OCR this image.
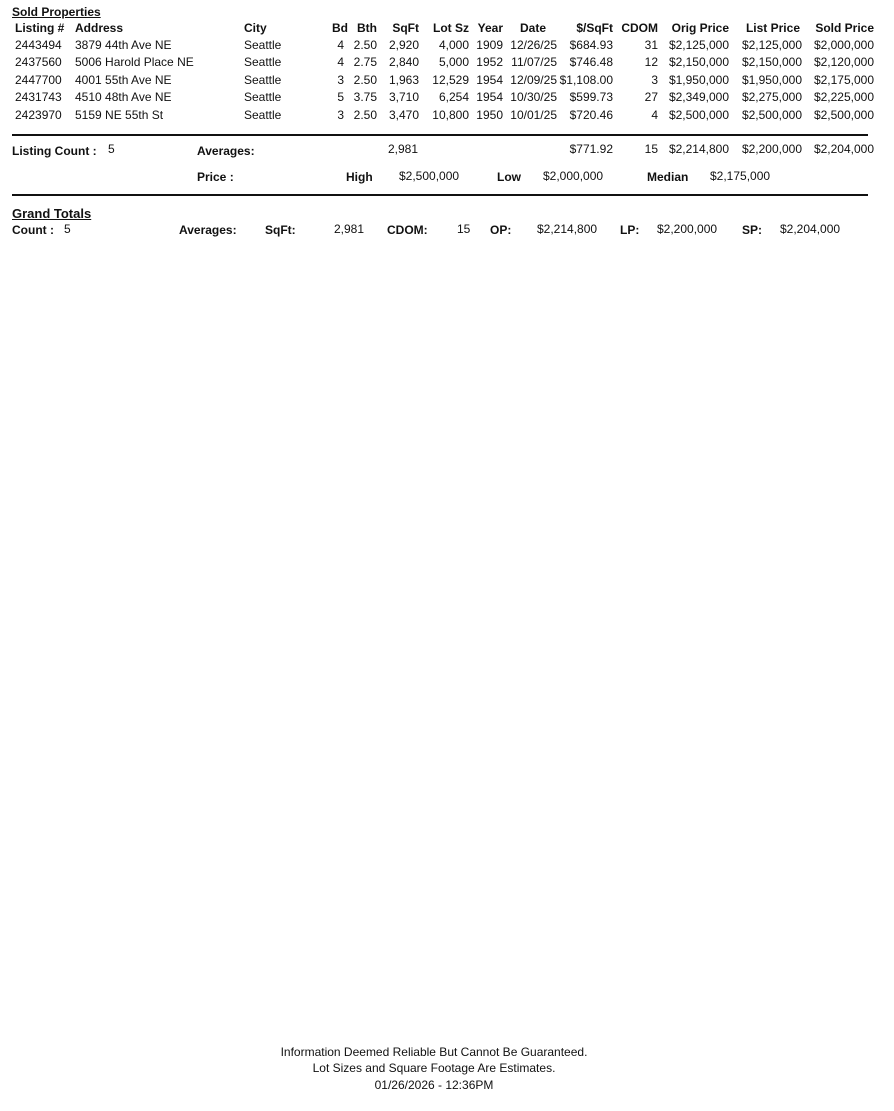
Sold Properties
Listing # Address	City	Bd Bth	SqFt	Lot Sz Year	Date	$/SqFt CDOM	Orig Price	List Price	Sold Price
2443494 3879 44th Ave NE	Seattle	4 2.50 2,920	4,000 1909 12/26/25	$684.93	31 $2,125,000	$2,125,000 $2,000,000
2437560 5006 Harold Place NE	Seattle	4 2.75 2,840	5,000 1952 11/07/25	$746.48	12 $2,150,000	$2,150,000 $2,120,000
2447700 4001 55th Ave NE	Seattle	3 2.50 1,963	12,529 1954 12/09/25 $1,108.00	3 $1,950,000	$1,950,000 $2,175,000
2431743 4510 48th Ave NE	Seattle	5 3.75 3,710	6,254 1954 10/30/25	$599.73	27 $2,349,000	$2,275,000 $2,225,000
2423970 5159 NE 55th St	Seattle	3 2.50 3,470	10,800 1950 10/01/25	$720.46	4 $2,500,000	$2,500,000 $2,500,000
Listing Count : 5	Averages:	2,981	$771.92	15 $2,214,800	$2,200,000 $2,204,000
Price :	High $2,500,000	Low $2,000,000	Median $2,175,000
Grand Totals
Count : 5	Averages: SqFt:	2,981 CDOM: 15 OP: $2,214,800 LP: $2,200,000 SP: $2,204,000
Information Deemed Reliable But Cannot Be Guaranteed.
Lot Sizes and Square Footage Are Estimates.
01/26/2026 - 12:36PM
